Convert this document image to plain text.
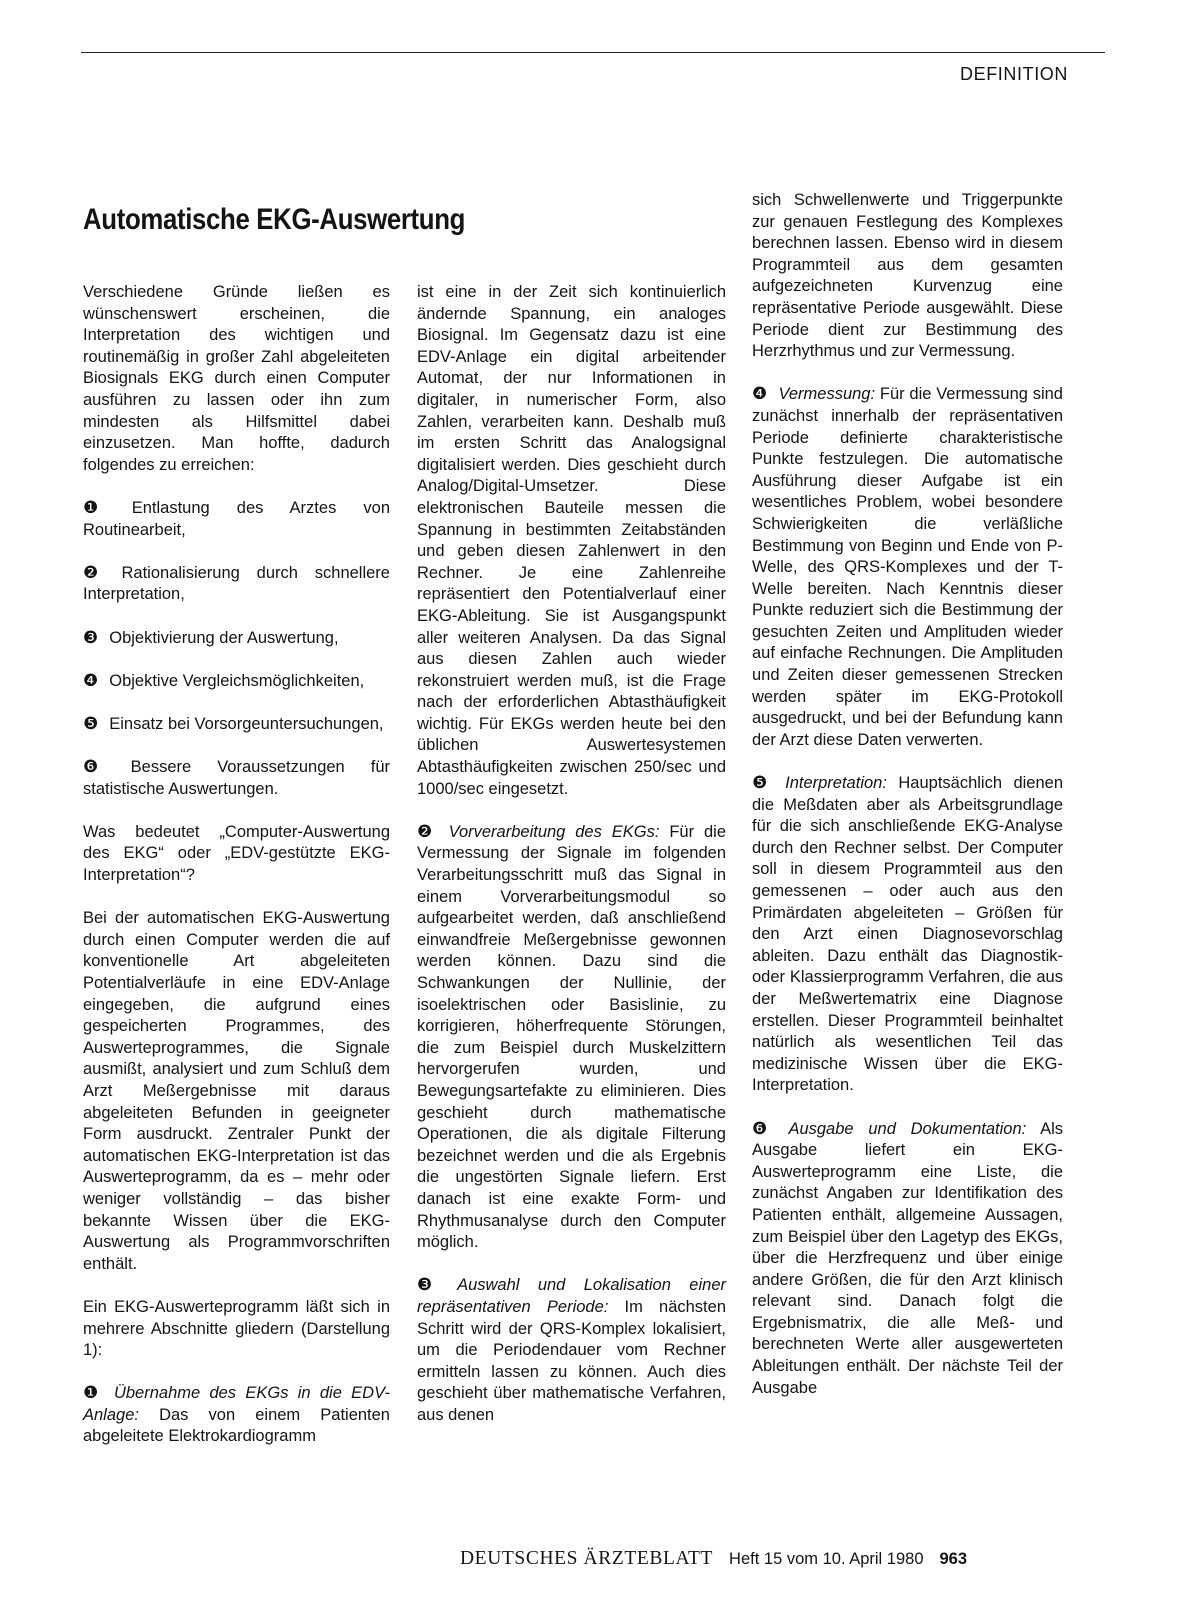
DEFINITION
Automatische EKG-Auswertung

Verschiedene Gründe ließen es wünschenswert erscheinen, die Interpretation des wichtigen und routinemäßig in großer Zahl abgeleiteten Biosignals EKG durch einen Computer ausführen zu lassen oder ihn zum mindesten als Hilfsmittel dabei einzusetzen. Man hoffte, dadurch folgendes zu erreichen:

❶ Entlastung des Arztes von Routinearbeit,

❷ Rationalisierung durch schnellere Interpretation,

❸ Objektivierung der Auswertung,

❹ Objektive Vergleichsmöglichkeiten,

❺ Einsatz bei Vorsorgeuntersuchungen,

❻ Bessere Voraussetzungen für statistische Auswertungen.

Was bedeutet „Computer-Auswertung des EKG“ oder „EDV-gestützte EKG-Interpretation“?

Bei der automatischen EKG-Auswertung durch einen Computer werden die auf konventionelle Art abgeleiteten Potentialverläufe in eine EDV-Anlage eingegeben, die aufgrund eines gespeicherten Programmes, des Auswerteprogrammes, die Signale ausmißt, analysiert und zum Schluß dem Arzt Meßergebnisse mit daraus abgeleiteten Befunden in geeigneter Form ausdruckt. Zentraler Punkt der automatischen EKG-Interpretation ist das Auswerteprogramm, da es – mehr oder weniger vollständig – das bisher bekannte Wissen über die EKG-Auswertung als Programmvorschriften enthält.

Ein EKG-Auswerteprogramm läßt sich in mehrere Abschnitte gliedern (Darstellung 1):

❶ Übernahme des EKGs in die EDV-Anlage: Das von einem Patienten abgeleitete Elektrokardiogramm

ist eine in der Zeit sich kontinuierlich ändernde Spannung, ein analoges Biosignal. Im Gegensatz dazu ist eine EDV-Anlage ein digital arbeitender Automat, der nur Informationen in digitaler, in numerischer Form, also Zahlen, verarbeiten kann. Deshalb muß im ersten Schritt das Analogsignal digitalisiert werden. Dies geschieht durch Analog/Digital-Umsetzer. Diese elektronischen Bauteile messen die Spannung in bestimmten Zeitabständen und geben diesen Zahlenwert in den Rechner. Je eine Zahlenreihe repräsentiert den Potentialverlauf einer EKG-Ableitung. Sie ist Ausgangspunkt aller weiteren Analysen. Da das Signal aus diesen Zahlen auch wieder rekonstruiert werden muß, ist die Frage nach der erforderlichen Abtasthäufigkeit wichtig. Für EKGs werden heute bei den üblichen Auswertesystemen Abtasthäufigkeiten zwischen 250/sec und 1000/sec eingesetzt.

❷ Vorverarbeitung des EKGs: Für die Vermessung der Signale im folgenden Verarbeitungsschritt muß das Signal in einem Vorverarbeitungsmodul so aufgearbeitet werden, daß anschließend einwandfreie Meßergebnisse gewonnen werden können. Dazu sind die Schwankungen der Nullinie, der isoelektrischen oder Basislinie, zu korrigieren, höherfrequente Störungen, die zum Beispiel durch Muskelzittern hervorgerufen wurden, und Bewegungsartefakte zu eliminieren. Dies geschieht durch mathematische Operationen, die als digitale Filterung bezeichnet werden und die als Ergebnis die ungestörten Signale liefern. Erst danach ist eine exakte Form- und Rhythmusanalyse durch den Computer möglich.

❸ Auswahl und Lokalisation einer repräsentativen Periode: Im nächsten Schritt wird der QRS-Komplex lokalisiert, um die Periodendauer vom Rechner ermitteln lassen zu können. Auch dies geschieht über mathematische Verfahren, aus denen

sich Schwellenwerte und Triggerpunkte zur genauen Festlegung des Komplexes berechnen lassen. Ebenso wird in diesem Programmteil aus dem gesamten aufgezeichneten Kurvenzug eine repräsentative Periode ausgewählt. Diese Periode dient zur Bestimmung des Herzrhythmus und zur Vermessung.

❹ Vermessung: Für die Vermessung sind zunächst innerhalb der repräsentativen Periode definierte charakteristische Punkte festzulegen. Die automatische Ausführung dieser Aufgabe ist ein wesentliches Problem, wobei besondere Schwierigkeiten die verläßliche Bestimmung von Beginn und Ende von P-Welle, des QRS-Komplexes und der T-Welle bereiten. Nach Kenntnis dieser Punkte reduziert sich die Bestimmung der gesuchten Zeiten und Amplituden wieder auf einfache Rechnungen. Die Amplituden und Zeiten dieser gemessenen Strecken werden später im EKG-Protokoll ausgedruckt, und bei der Befundung kann der Arzt diese Daten verwerten.

❺ Interpretation: Hauptsächlich dienen die Meßdaten aber als Arbeitsgrundlage für die sich anschließende EKG-Analyse durch den Rechner selbst. Der Computer soll in diesem Programmteil aus den gemessenen – oder auch aus den Primärdaten abgeleiteten – Größen für den Arzt einen Diagnosevorschlag ableiten. Dazu enthält das Diagnostik- oder Klassierprogramm Verfahren, die aus der Meßwertematrix eine Diagnose erstellen. Dieser Programmteil beinhaltet natürlich als wesentlichen Teil das medizinische Wissen über die EKG-Interpretation.

❻ Ausgabe und Dokumentation: Als Ausgabe liefert ein EKG-Auswerteprogramm eine Liste, die zunächst Angaben zur Identifikation des Patienten enthält, allgemeine Aussagen, zum Beispiel über den Lagetyp des EKGs, über die Herzfrequenz und über einige andere Größen, die für den Arzt klinisch relevant sind. Danach folgt die Ergebnismatrix, die alle Meß- und berechneten Werte aller ausgewerteten Ableitungen enthält. Der nächste Teil der Ausgabe

DEUTSCHES ÄRZTEBLATT Heft 15 vom 10. April 1980 963
